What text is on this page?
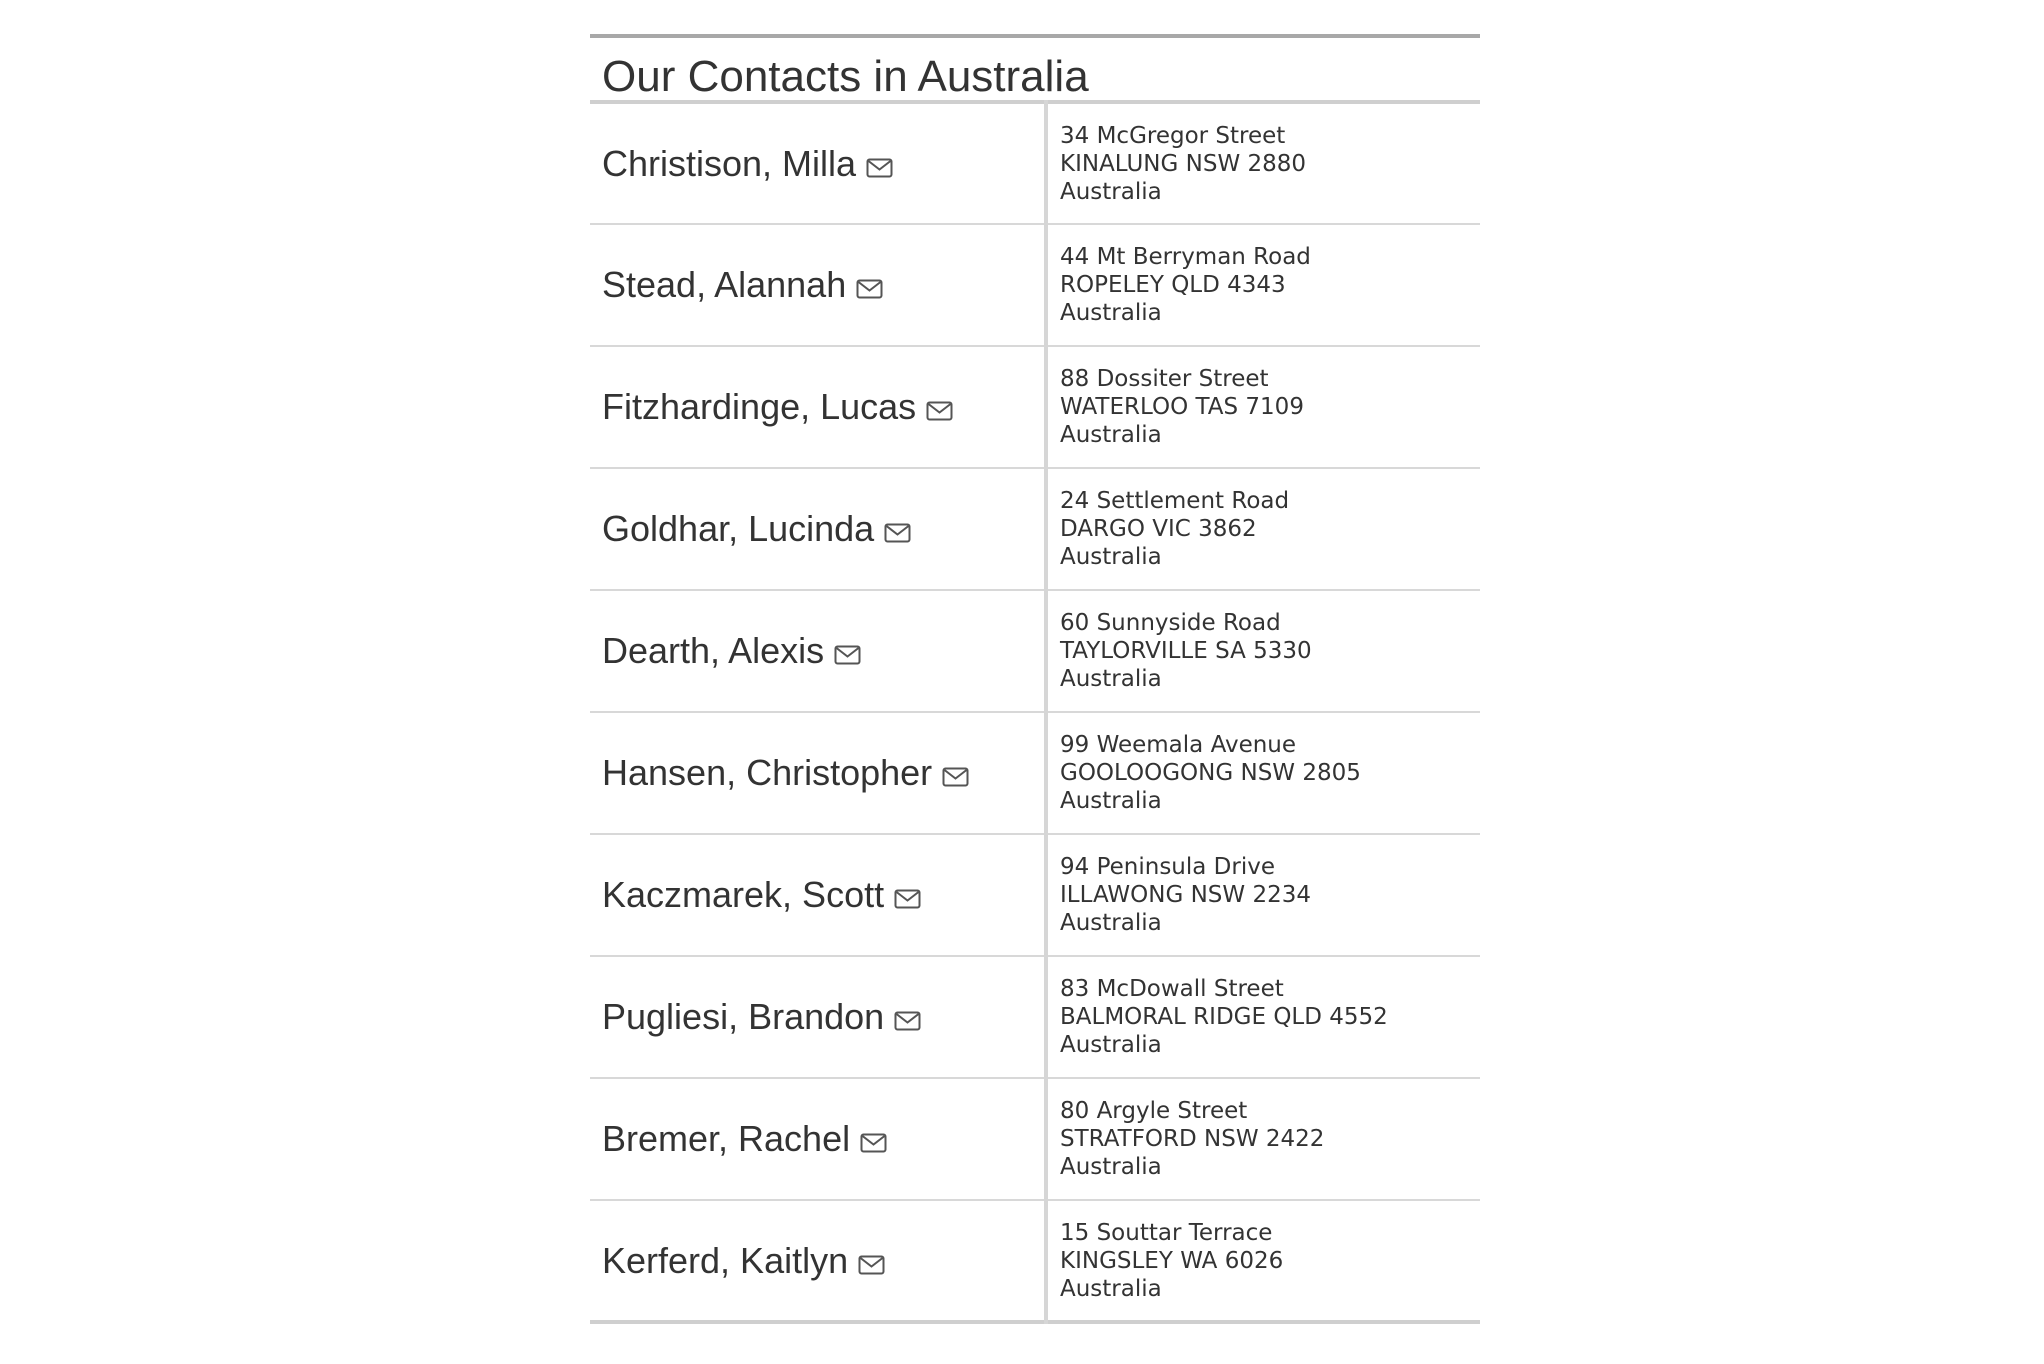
Our Contacts in Australia
Christison, Milla	34 McGregor Street
KINALUNG NSW 2880
Australia

Stead, Alannah	44 Mt Berryman Road
ROPELEY QLD 4343
Australia

Fitzhardinge, Lucas	88 Dossiter Street
WATERLOO TAS 7109
Australia

Goldhar, Lucinda	24 Settlement Road
DARGO VIC 3862
Australia

Dearth, Alexis	60 Sunnyside Road
TAYLORVILLE SA 5330
Australia

Hansen, Christopher	99 Weemala Avenue
GOOLOOGONG NSW 2805
Australia

Kaczmarek, Scott	94 Peninsula Drive
ILLAWONG NSW 2234
Australia

Pugliesi, Brandon	83 McDowall Street
BALMORAL RIDGE QLD 4552
Australia

Bremer, Rachel	80 Argyle Street
STRATFORD NSW 2422
Australia

Kerferd, Kaitlyn	15 Souttar Terrace
KINGSLEY WA 6026
Australia
